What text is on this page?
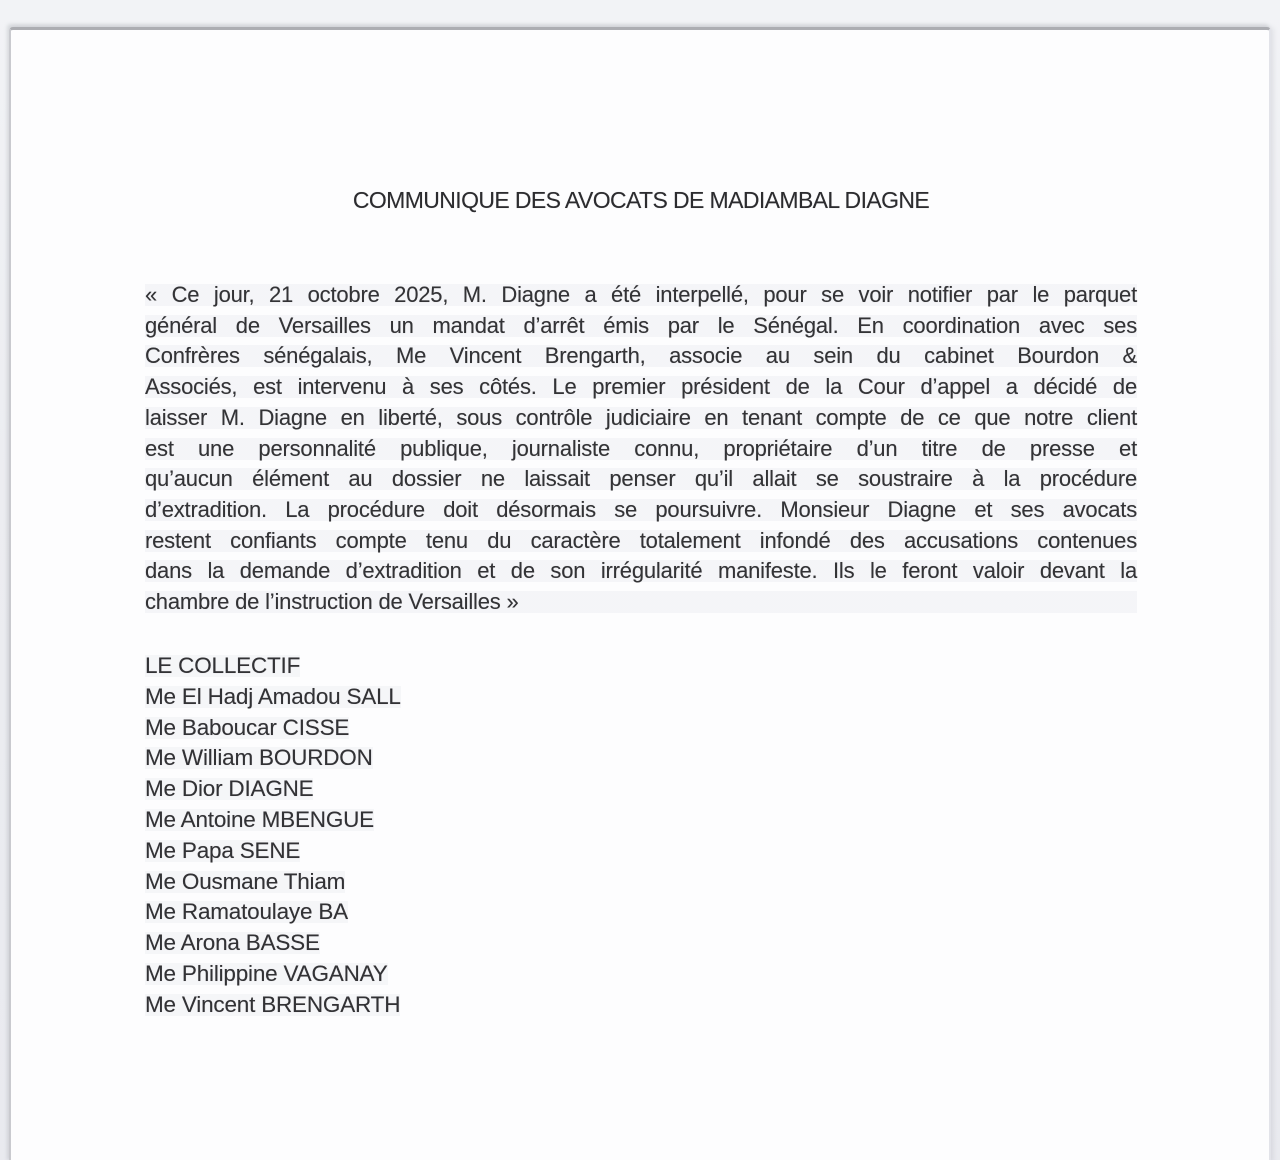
COMMUNIQUE DES AVOCATS DE MADIAMBAL DIAGNE
« Ce jour, 21 octobre 2025, M. Diagne a été interpellé, pour se voir notifier par le parquet
général de Versailles un mandat d’arrêt émis par le Sénégal. En coordination avec ses
Confrères sénégalais, Me Vincent Brengarth, associe au sein du cabinet Bourdon &
Associés, est intervenu à ses côtés. Le premier président de la Cour d’appel a décidé de
laisser M. Diagne en liberté, sous contrôle judiciaire en tenant compte de ce que notre client
est une personnalité publique, journaliste connu, propriétaire d’un titre de presse et
qu’aucun élément au dossier ne laissait penser qu’il allait se soustraire à la procédure
d’extradition. La procédure doit désormais se poursuivre. Monsieur Diagne et ses avocats
restent confiants compte tenu du caractère totalement infondé des accusations contenues
dans la demande d’extradition et de son irrégularité manifeste. Ils le feront valoir devant la
chambre de l’instruction de Versailles »
LE COLLECTIF
Me El Hadj Amadou SALL
Me Baboucar CISSE
Me William BOURDON
Me Dior DIAGNE
Me Antoine MBENGUE
Me Papa SENE
Me Ousmane Thiam
Me Ramatoulaye BA
Me Arona BASSE
Me Philippine VAGANAY
Me Vincent BRENGARTH
